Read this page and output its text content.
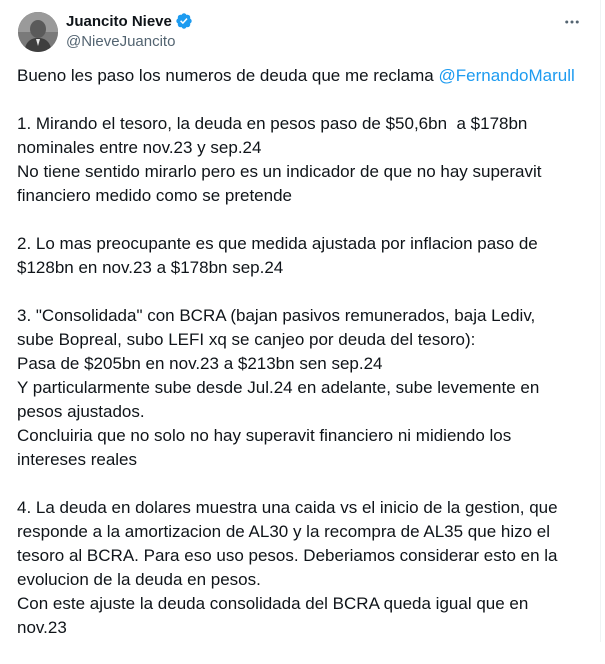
Juancito Nieve
@NieveJuancito

Bueno les paso los numeros de deuda que me reclama @FernandoMarull

1. Mirando el tesoro, la deuda en pesos paso de $50,6bn  a $178bn
nominales entre nov.23 y sep.24
No tiene sentido mirarlo pero es un indicador de que no hay superavit
financiero medido como se pretende

2. Lo mas preocupante es que medida ajustada por inflacion paso de
$128bn en nov.23 a $178bn sep.24

3. "Consolidada" con BCRA (bajan pasivos remunerados, baja Lediv,
sube Bopreal, subo LEFI xq se canjeo por deuda del tesoro):
Pasa de $205bn en nov.23 a $213bn sen sep.24
Y particularmente sube desde Jul.24 en adelante, sube levemente en
pesos ajustados.
Concluiria que no solo no hay superavit financiero ni midiendo los
intereses reales

4. La deuda en dolares muestra una caida vs el inicio de la gestion, que
responde a la amortizacion de AL30 y la recompra de AL35 que hizo el
tesoro al BCRA. Para eso uso pesos. Deberiamos considerar esto en la
evolucion de la deuda en pesos.
Con este ajuste la deuda consolidada del BCRA queda igual que en
nov.23
